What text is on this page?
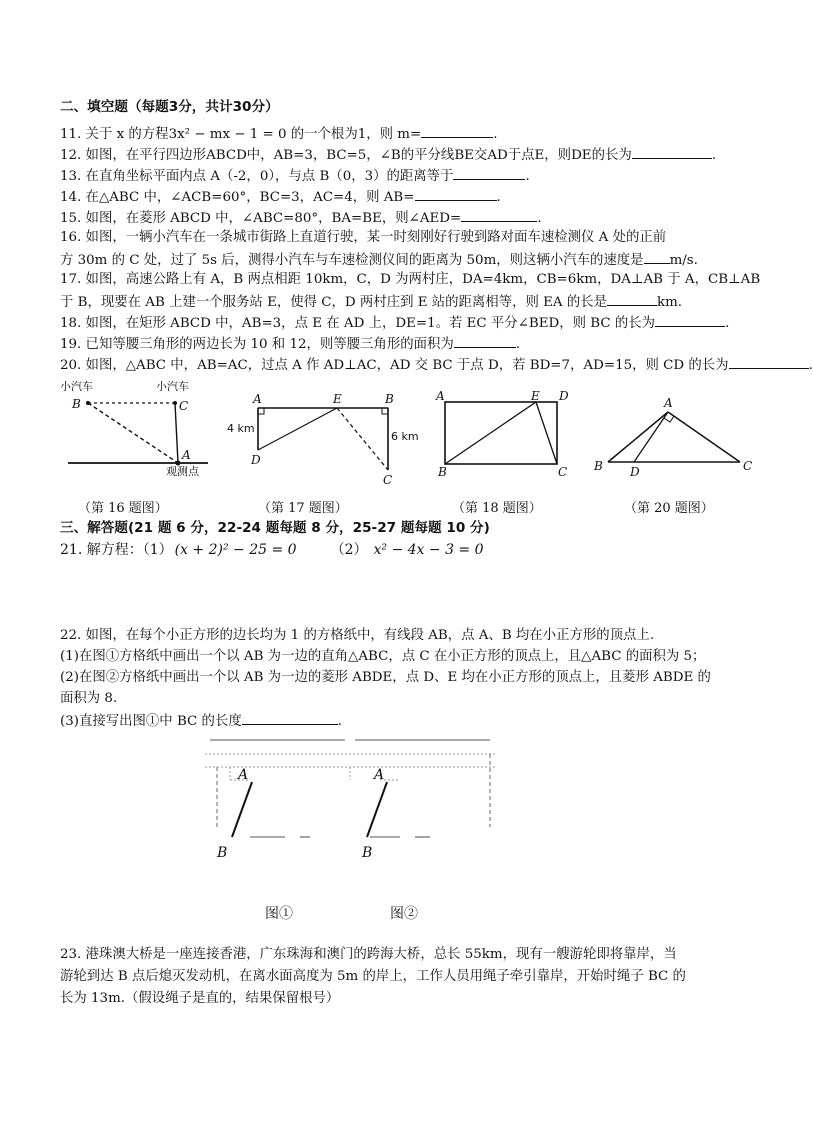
二、填空题（每题3分，共计30分）
11. 关于 x 的方程3x² − mx − 1 = 0 的一个根为1，则 m=	.
12. 如图，在平行四边形ABCD中，AB=3，BC=5，∠B的平分线BE交AD于点E，则DE的长为	.
13. 在直角坐标平面内点 A（-2，0），与点 B（0，3）的距离等于	.
14. 在△ABC 中，∠ACB=60°，BC=3，AC=4，则 AB=	.
15. 如图，在菱形 ABCD 中，∠ABC=80°，BA=BE，则∠AED=	.
16. 如图，一辆小汽车在一条城市街路上直道行驶，某一时刻刚好行驶到路对面车速检测仪 A 处的正前
方 30m 的 C 处，过了 5s 后，测得小汽车与车速检测仪间的距离为 50m，则这辆小汽车的速度是 m/s.
17. 如图，高速公路上有 A，B 两点相距 10km，C，D 为两村庄，DA=4km，CB=6km，DA⊥AB 于 A，CB⊥AB
于 B，现要在 AB 上建一个服务站 E，使得 C，D 两村庄到 E 站的距离相等，则 EA 的长是	km.
18. 如图，在矩形 ABCD 中，AB=3，点 E 在 AD 上，DE=1。若 EC 平分∠BED，则 BC 的长为	.
19. 已知等腰三角形的两边长为 10 和 12，则等腰三角形的面积为	.
20. 如图，△ABC 中，AB=AC，过点 A 作 AD⊥AC，AD 交 BC 于点 D，若 BD=7，AD=15，则 CD 的长为	.
小汽车	小汽车
B	C
A
观测点
A	E	B
D
C
4 km
6 km
A	E D
B	C
A
B D	C
（第 16 题图）	（第 17 题图）	（第 18 题图）	（第 20 题图）
三、解答题(21 题 6 分，22-24 题每题 8 分，25-27 题每题 10 分)
21. 解方程：（1） (x + 2)² − 25 = 0 （2） x² − 4x − 3 = 0
22. 如图，在每个小正方形的边长均为 1 的方格纸中，有线段 AB，点 A、B 均在小正方形的顶点上.
(1)在图①方格纸中画出一个以 AB 为一边的直角△ABC，点 C 在小正方形的顶点上，且△ABC 的面积为 5；
(2)在图②方格纸中画出一个以 AB 为一边的菱形 ABDE，点 D、E 均在小正方形的顶点上，且菱形 ABDE 的
面积为 8.
(3)直接写出图①中 BC 的长度	.
A
B
A
B
图①	图②
23. 港珠澳大桥是一座连接香港，广东珠海和澳门的跨海大桥，总长 55km，现有一艘游轮即将靠岸，当
游轮到达 B 点后熄灭发动机，在离水面高度为 5m 的岸上，工作人员用绳子牵引靠岸，开始时绳子 BC 的
长为 13m.（假设绳子是直的，结果保留根号）
